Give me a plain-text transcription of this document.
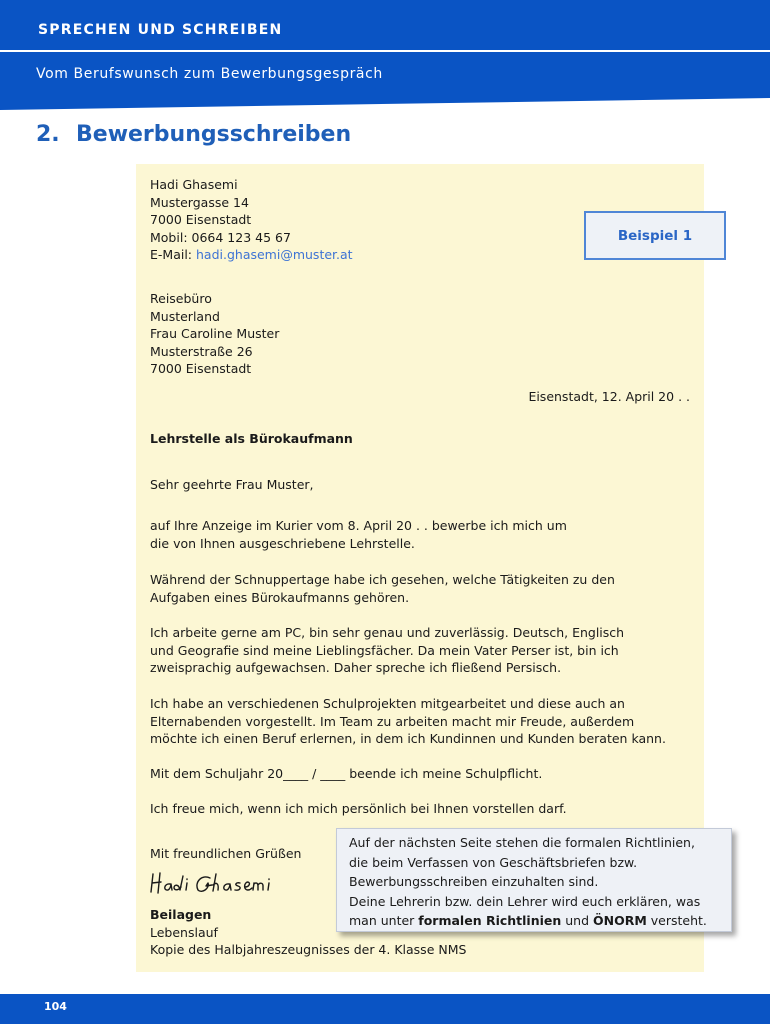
SPRECHEN UND SCHREIBEN
Vom Berufswunsch zum Bewerbungsgespräch
2. Bewerbungsschreiben
Hadi Ghasemi
Mustergasse 14
7000 Eisenstadt
Mobil: 0664 123 45 67
E-Mail: hadi.ghasemi@muster.at
Reisebüro
Musterland
Frau Caroline Muster
Musterstraße 26
7000 Eisenstadt
Eisenstadt, 12. April 20 . .
Lehrstelle als Bürokaufmann
Sehr geehrte Frau Muster,
auf Ihre Anzeige im Kurier vom 8. April 20 . . bewerbe ich mich um
die von Ihnen ausgeschriebene Lehrstelle.
Während der Schnuppertage habe ich gesehen, welche Tätigkeiten zu den
Aufgaben eines Bürokaufmanns gehören.
Ich arbeite gerne am PC, bin sehr genau und zuverlässig. Deutsch, Englisch
und Geografie sind meine Lieblingsfächer. Da mein Vater Perser ist, bin ich
zweisprachig aufgewachsen. Daher spreche ich fließend Persisch.
Ich habe an verschiedenen Schulprojekten mitgearbeitet und diese auch an
Elternabenden vorgestellt. Im Team zu arbeiten macht mir Freude, außerdem
möchte ich einen Beruf erlernen, in dem ich Kundinnen und Kunden beraten kann.
Mit dem Schuljahr 20____ / ____ beende ich meine Schulpflicht.
Ich freue mich, wenn ich mich persönlich bei Ihnen vorstellen darf.
Mit freundlichen Grüßen
Beilagen
Lebenslauf
Kopie des Halbjahreszeugnisses der 4. Klasse NMS
Beispiel 1
Auf der nächsten Seite stehen die formalen Richtlinien,
die beim Verfassen von Geschäftsbriefen bzw.
Bewerbungsschreiben einzuhalten sind.
Deine Lehrerin bzw. dein Lehrer wird euch erklären, was
man unter formalen Richtlinien und ÖNORM versteht.
104
